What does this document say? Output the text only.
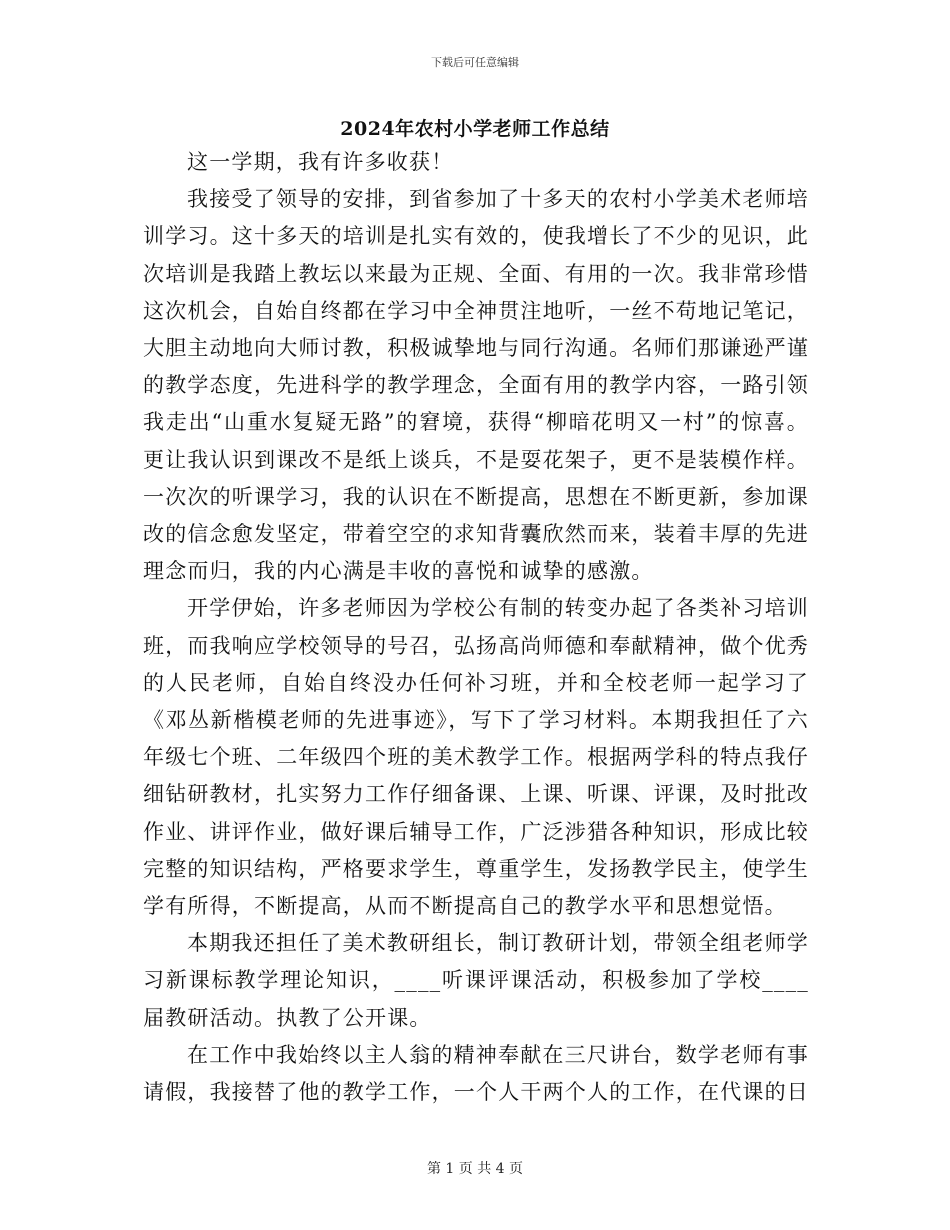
下载后可任意编辑
2024年农村小学老师工作总结

这一学期，我有许多收获！

我接受了领导的安排，到省参加了十多天的农村小学美术老师培训学习。这十多天的培训是扎实有效的，使我增长了不少的见识，此次培训是我踏上教坛以来最为正规、全面、有用的一次。我非常珍惜这次机会，自始自终都在学习中全神贯注地听，一丝不苟地记笔记，大胆主动地向大师讨教，积极诚挚地与同行沟通。名师们那谦逊严谨的教学态度，先进科学的教学理念，全面有用的教学内容，一路引领我走出“山重水复疑无路”的窘境，获得“柳暗花明又一村”的惊喜。更让我认识到课改不是纸上谈兵，不是耍花架子，更不是装模作样。一次次的听课学习，我的认识在不断提高，思想在不断更新，参加课改的信念愈发坚定，带着空空的求知背囊欣然而来，装着丰厚的先进理念而归，我的内心满是丰收的喜悦和诚挚的感激。

开学伊始，许多老师因为学校公有制的转变办起了各类补习培训班，而我响应学校领导的号召，弘扬高尚师德和奉献精神，做个优秀的人民老师，自始自终没办任何补习班，并和全校老师一起学习了《邓丛新楷模老师的先进事迹》，写下了学习材料。本期我担任了六年级七个班、二年级四个班的美术教学工作。根据两学科的特点我仔细钻研教材，扎实努力工作仔细备课、上课、听课、评课，及时批改作业、讲评作业，做好课后辅导工作，广泛涉猎各种知识，形成比较完整的知识结构，严格要求学生，尊重学生，发扬教学民主，使学生学有所得，不断提高，从而不断提高自己的教学水平和思想觉悟。

本期我还担任了美术教研组长，制订教研计划，带领全组老师学习新课标教学理论知识，____听课评课活动，积极参加了学校____届教研活动。执教了公开课。

在工作中我始终以主人翁的精神奉献在三尺讲台，数学老师有事请假，我接替了他的教学工作，一个人干两个人的工作，在代课的日

第 1 页 共 4 页
